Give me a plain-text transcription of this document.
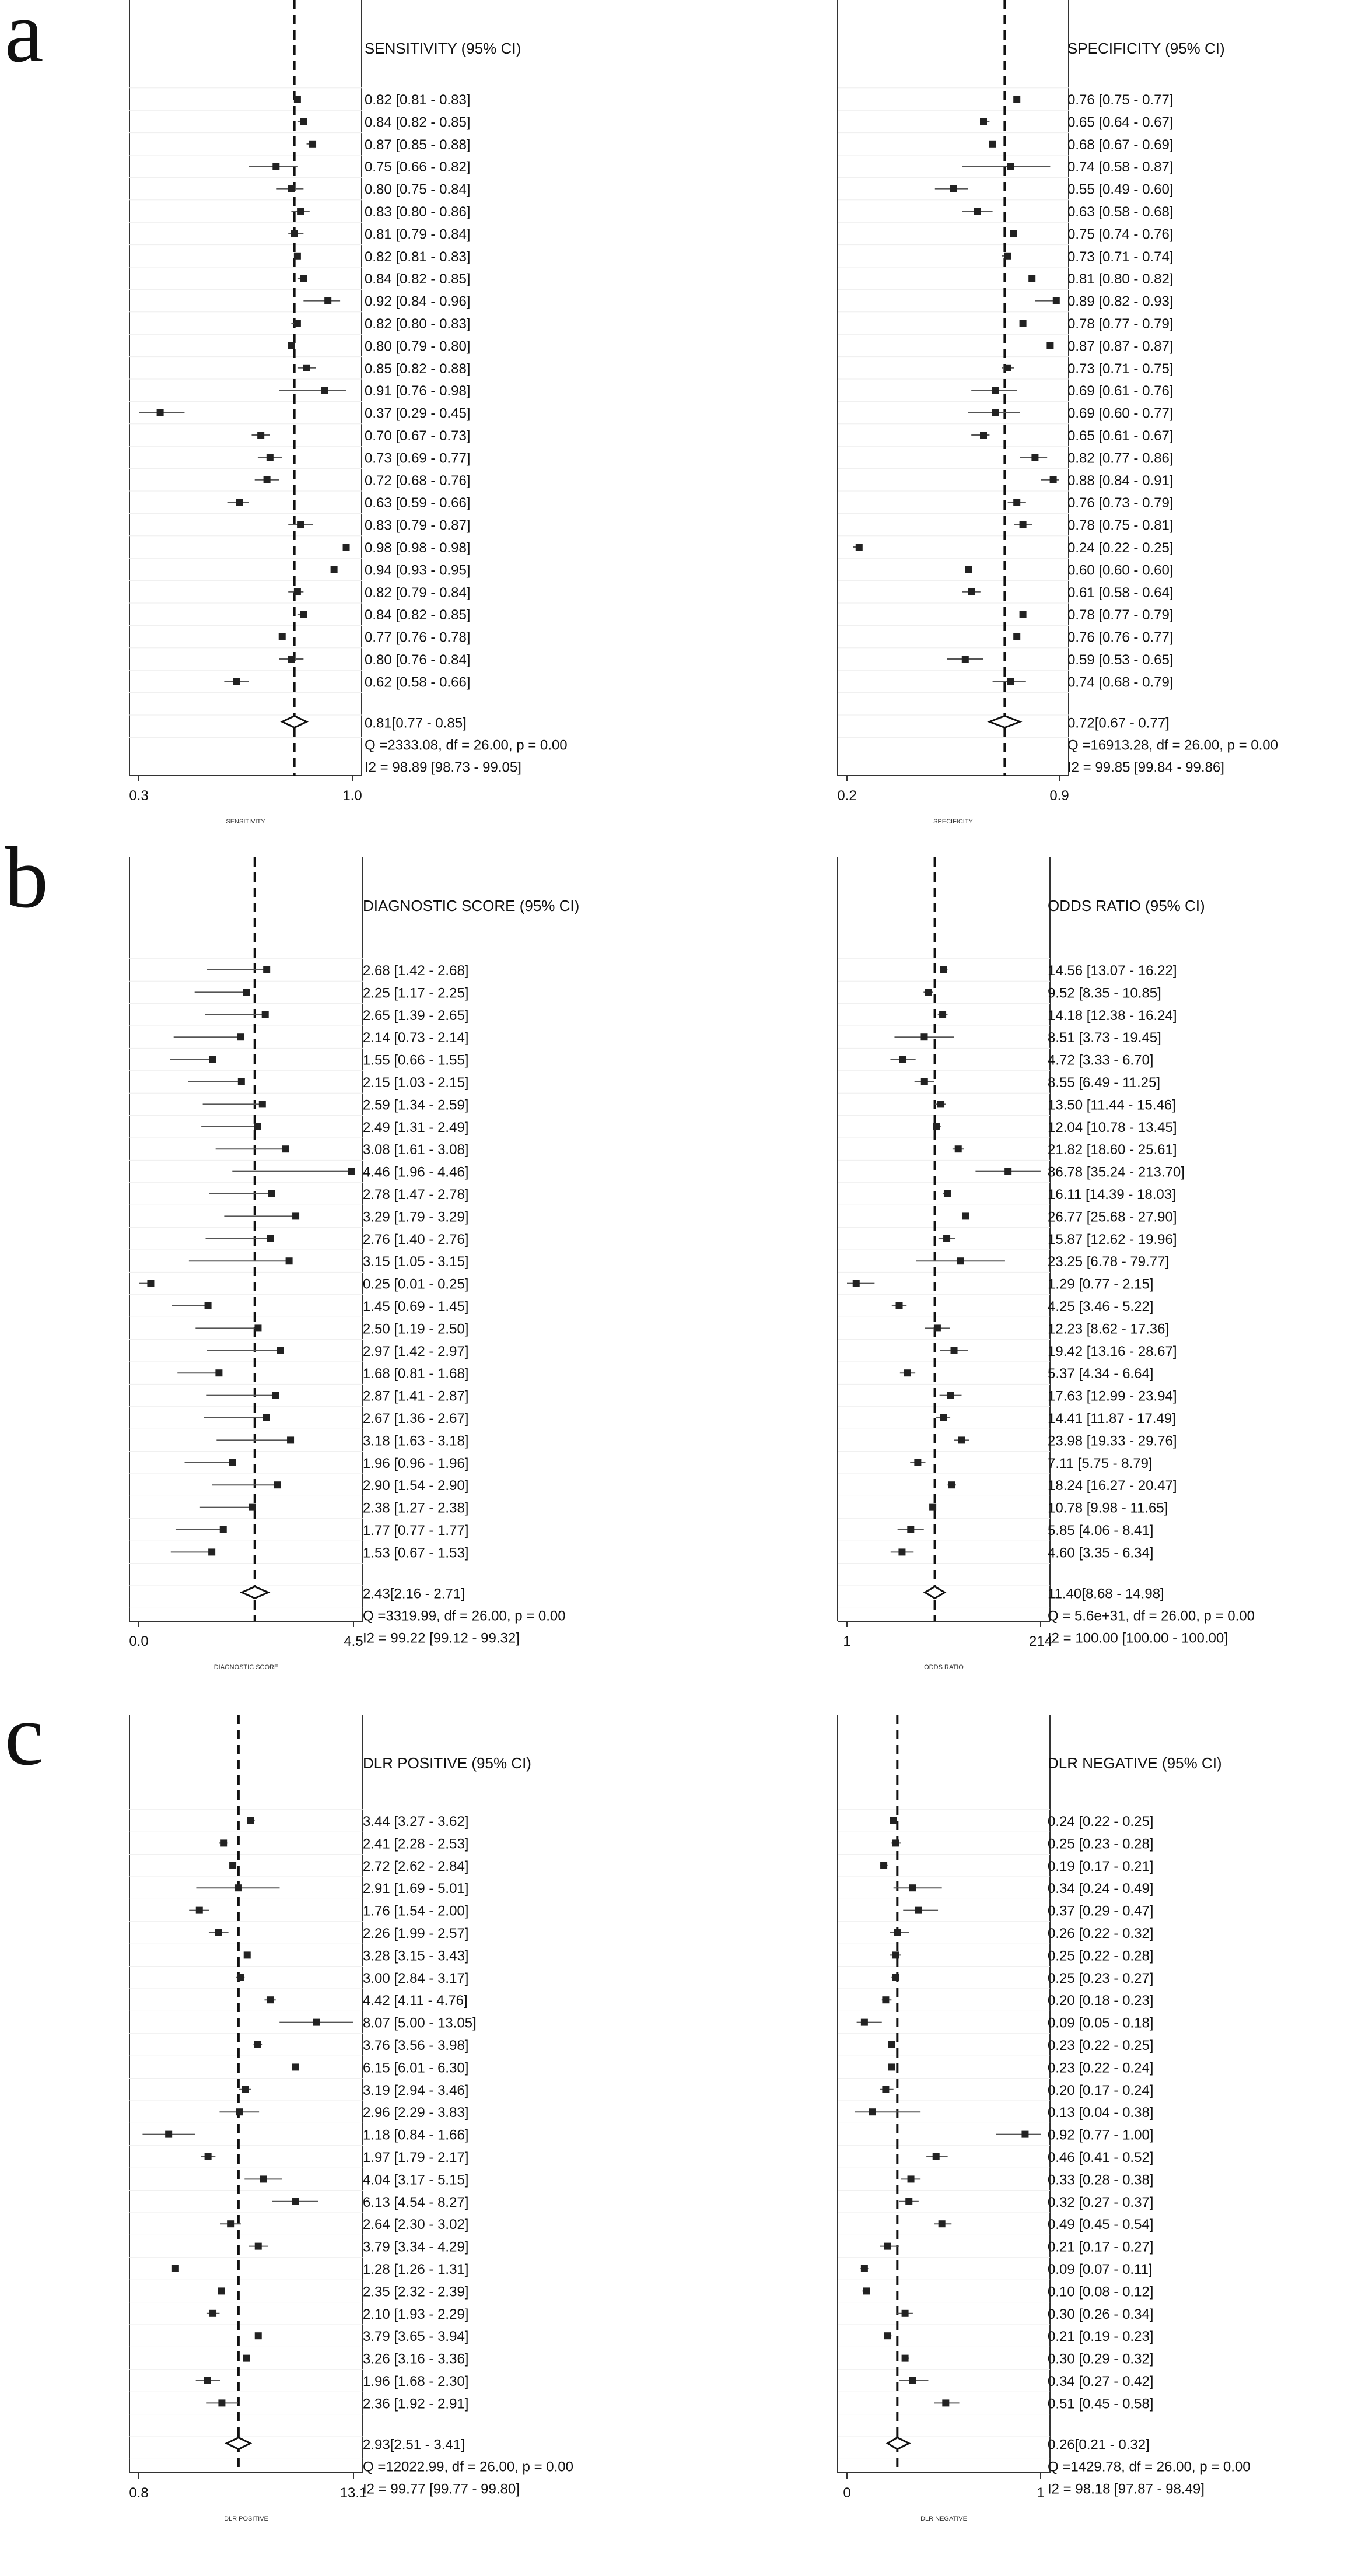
a
b
c
SENSITIVITY (95% CI)
0.82 [0.81 - 0.83]
0.84 [0.82 - 0.85]
0.87 [0.85 - 0.88]
0.75 [0.66 - 0.82]
0.80 [0.75 - 0.84]
0.83 [0.80 - 0.86]
0.81 [0.79 - 0.84]
0.82 [0.81 - 0.83]
0.84 [0.82 - 0.85]
0.92 [0.84 - 0.96]
0.82 [0.80 - 0.83]
0.80 [0.79 - 0.80]
0.85 [0.82 - 0.88]
0.91 [0.76 - 0.98]
0.37 [0.29 - 0.45]
0.70 [0.67 - 0.73]
0.73 [0.69 - 0.77]
0.72 [0.68 - 0.76]
0.63 [0.59 - 0.66]
0.83 [0.79 - 0.87]
0.98 [0.98 - 0.98]
0.94 [0.93 - 0.95]
0.82 [0.79 - 0.84]
0.84 [0.82 - 0.85]
0.77 [0.76 - 0.78]
0.80 [0.76 - 0.84]
0.62 [0.58 - 0.66]
0.81[0.77 - 0.85]
Q =2333.08, df = 26.00, p = 0.00
I2 = 98.89 [98.73 - 99.05]
0.3	1.0
SENSITIVITY
SPECIFICITY (95% CI)
0.76 [0.75 - 0.77]
0.65 [0.64 - 0.67]
0.68 [0.67 - 0.69]
0.74 [0.58 - 0.87]
0.55 [0.49 - 0.60]
0.63 [0.58 - 0.68]
0.75 [0.74 - 0.76]
0.73 [0.71 - 0.74]
0.81 [0.80 - 0.82]
0.89 [0.82 - 0.93]
0.78 [0.77 - 0.79]
0.87 [0.87 - 0.87]
0.73 [0.71 - 0.75]
0.69 [0.61 - 0.76]
0.69 [0.60 - 0.77]
0.65 [0.61 - 0.67]
0.82 [0.77 - 0.86]
0.88 [0.84 - 0.91]
0.76 [0.73 - 0.79]
0.78 [0.75 - 0.81]
0.24 [0.22 - 0.25]
0.60 [0.60 - 0.60]
0.61 [0.58 - 0.64]
0.78 [0.77 - 0.79]
0.76 [0.76 - 0.77]
0.59 [0.53 - 0.65]
0.74 [0.68 - 0.79]
0.72[0.67 - 0.77]
Q =16913.28, df = 26.00, p = 0.00
I2 = 99.85 [99.84 - 99.86]
0.2	0.9
SPECIFICITY
DIAGNOSTIC SCORE (95% CI)
2.68 [1.42 - 2.68]
2.25 [1.17 - 2.25]
2.65 [1.39 - 2.65]
2.14 [0.73 - 2.14]
1.55 [0.66 - 1.55]
2.15 [1.03 - 2.15]
2.59 [1.34 - 2.59]
2.49 [1.31 - 2.49]
3.08 [1.61 - 3.08]
4.46 [1.96 - 4.46]
2.78 [1.47 - 2.78]
3.29 [1.79 - 3.29]
2.76 [1.40 - 2.76]
3.15 [1.05 - 3.15]
0.25 [0.01 - 0.25]
1.45 [0.69 - 1.45]
2.50 [1.19 - 2.50]
2.97 [1.42 - 2.97]
1.68 [0.81 - 1.68]
2.87 [1.41 - 2.87]
2.67 [1.36 - 2.67]
3.18 [1.63 - 3.18]
1.96 [0.96 - 1.96]
2.90 [1.54 - 2.90]
2.38 [1.27 - 2.38]
1.77 [0.77 - 1.77]
1.53 [0.67 - 1.53]
2.43[2.16 - 2.71]
Q =3319.99, df = 26.00, p = 0.00
I2 = 99.22 [99.12 - 99.32]
0.0	4.5
DIAGNOSTIC SCORE
ODDS RATIO (95% CI)
14.56 [13.07 - 16.22]
9.52 [8.35 - 10.85]
14.18 [12.38 - 16.24]
8.51 [3.73 - 19.45]
4.72 [3.33 - 6.70]
8.55 [6.49 - 11.25]
13.50 [11.44 - 15.46]
12.04 [10.78 - 13.45]
21.82 [18.60 - 25.61]
86.78 [35.24 - 213.70]
16.11 [14.39 - 18.03]
26.77 [25.68 - 27.90]
15.87 [12.62 - 19.96]
23.25 [6.78 - 79.77]
1.29 [0.77 - 2.15]
4.25 [3.46 - 5.22]
12.23 [8.62 - 17.36]
19.42 [13.16 - 28.67]
5.37 [4.34 - 6.64]
17.63 [12.99 - 23.94]
14.41 [11.87 - 17.49]
23.98 [19.33 - 29.76]
7.11 [5.75 - 8.79]
18.24 [16.27 - 20.47]
10.78 [9.98 - 11.65]
5.85 [4.06 - 8.41]
4.60 [3.35 - 6.34]
11.40[8.68 - 14.98]
Q = 5.6e+31, df = 26.00, p = 0.00
I2 = 100.00 [100.00 - 100.00]
1	214
ODDS RATIO
DLR POSITIVE (95% CI)
3.44 [3.27 - 3.62]
2.41 [2.28 - 2.53]
2.72 [2.62 - 2.84]
2.91 [1.69 - 5.01]
1.76 [1.54 - 2.00]
2.26 [1.99 - 2.57]
3.28 [3.15 - 3.43]
3.00 [2.84 - 3.17]
4.42 [4.11 - 4.76]
8.07 [5.00 - 13.05]
3.76 [3.56 - 3.98]
6.15 [6.01 - 6.30]
3.19 [2.94 - 3.46]
2.96 [2.29 - 3.83]
1.18 [0.84 - 1.66]
1.97 [1.79 - 2.17]
4.04 [3.17 - 5.15]
6.13 [4.54 - 8.27]
2.64 [2.30 - 3.02]
3.79 [3.34 - 4.29]
1.28 [1.26 - 1.31]
2.35 [2.32 - 2.39]
2.10 [1.93 - 2.29]
3.79 [3.65 - 3.94]
3.26 [3.16 - 3.36]
1.96 [1.68 - 2.30]
2.36 [1.92 - 2.91]
2.93[2.51 - 3.41]
Q =12022.99, df = 26.00, p = 0.00
I2 = 99.77 [99.77 - 99.80]
0.8	13.1
DLR POSITIVE
DLR NEGATIVE (95% CI)
0.24 [0.22 - 0.25]
0.25 [0.23 - 0.28]
0.19 [0.17 - 0.21]
0.34 [0.24 - 0.49]
0.37 [0.29 - 0.47]
0.26 [0.22 - 0.32]
0.25 [0.22 - 0.28]
0.25 [0.23 - 0.27]
0.20 [0.18 - 0.23]
0.09 [0.05 - 0.18]
0.23 [0.22 - 0.25]
0.23 [0.22 - 0.24]
0.20 [0.17 - 0.24]
0.13 [0.04 - 0.38]
0.92 [0.77 - 1.00]
0.46 [0.41 - 0.52]
0.33 [0.28 - 0.38]
0.32 [0.27 - 0.37]
0.49 [0.45 - 0.54]
0.21 [0.17 - 0.27]
0.09 [0.07 - 0.11]
0.10 [0.08 - 0.12]
0.30 [0.26 - 0.34]
0.21 [0.19 - 0.23]
0.30 [0.29 - 0.32]
0.34 [0.27 - 0.42]
0.51 [0.45 - 0.58]
0.26[0.21 - 0.32]
Q =1429.78, df = 26.00, p = 0.00
I2 = 98.18 [97.87 - 98.49]
0	1
DLR NEGATIVE
